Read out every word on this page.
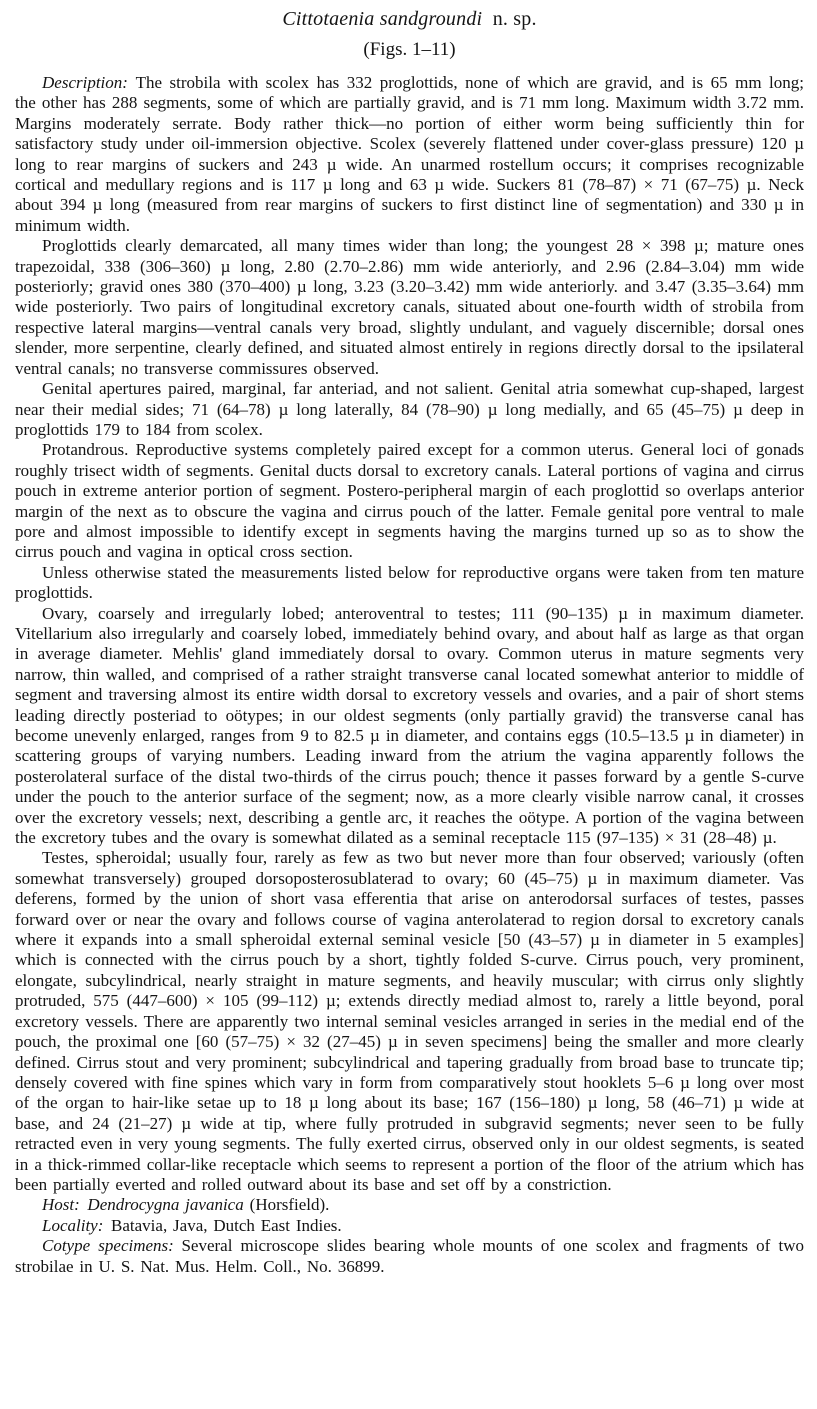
Cittotaenia sandgroundi n. sp.
(Figs. 1–11)

Description: The strobila with scolex has 332 proglottids, none of which are gravid, and is 65 mm long; the other has 288 segments, some of which are partially gravid, and is 71 mm long. Maximum width 3.72 mm. Margins moderately serrate. Body rather thick—no portion of either worm being sufficiently thin for satisfactory study under oil-immersion objective. Scolex (severely flattened under cover-glass pressure) 120 µ long to rear margins of suckers and 243 µ wide. An unarmed rostellum occurs; it comprises recognizable cortical and medullary regions and is 117 µ long and 63 µ wide. Suckers 81 (78–87) × 71 (67–75) µ. Neck about 394 µ long (measured from rear margins of suckers to first distinct line of segmentation) and 330 µ in minimum width.

Proglottids clearly demarcated, all many times wider than long; the youngest 28 × 398 µ; mature ones trapezoidal, 338 (306–360) µ long, 2.80 (2.70–2.86) mm wide anteriorly, and 2.96 (2.84–3.04) mm wide posteriorly; gravid ones 380 (370–400) µ long, 3.23 (3.20–3.42) mm wide anteriorly. and 3.47 (3.35–3.64) mm wide posteriorly. Two pairs of longitudinal excretory canals, situated about one-fourth width of strobila from respective lateral margins—ventral canals very broad, slightly undulant, and vaguely discernible; dorsal ones slender, more serpentine, clearly defined, and situated almost entirely in regions directly dorsal to the ipsilateral ventral canals; no transverse commissures observed.

Genital apertures paired, marginal, far anteriad, and not salient. Genital atria somewhat cup-shaped, largest near their medial sides; 71 (64–78) µ long laterally, 84 (78–90) µ long medially, and 65 (45–75) µ deep in proglottids 179 to 184 from scolex.

Protandrous. Reproductive systems completely paired except for a common uterus. General loci of gonads roughly trisect width of segments. Genital ducts dorsal to excretory canals. Lateral portions of vagina and cirrus pouch in extreme anterior portion of segment. Postero-peripheral margin of each proglottid so overlaps anterior margin of the next as to obscure the vagina and cirrus pouch of the latter. Female genital pore ventral to male pore and almost impossible to identify except in segments having the margins turned up so as to show the cirrus pouch and vagina in optical cross section.

Unless otherwise stated the measurements listed below for reproductive organs were taken from ten mature proglottids.

Ovary, coarsely and irregularly lobed; anteroventral to testes; 111 (90–135) µ in maximum diameter. Vitellarium also irregularly and coarsely lobed, immediately behind ovary, and about half as large as that organ in average diameter. Mehlis' gland immediately dorsal to ovary. Common uterus in mature segments very narrow, thin walled, and comprised of a rather straight transverse canal located somewhat anterior to middle of segment and traversing almost its entire width dorsal to excretory vessels and ovaries, and a pair of short stems leading directly posteriad to oötypes; in our oldest segments (only partially gravid) the transverse canal has become unevenly enlarged, ranges from 9 to 82.5 µ in diameter, and contains eggs (10.5–13.5 µ in diameter) in scattering groups of varying numbers. Leading inward from the atrium the vagina apparently follows the posterolateral surface of the distal two-thirds of the cirrus pouch; thence it passes forward by a gentle S-curve under the pouch to the anterior surface of the segment; now, as a more clearly visible narrow canal, it crosses over the excretory vessels; next, describing a gentle arc, it reaches the oötype. A portion of the vagina between the excretory tubes and the ovary is somewhat dilated as a seminal receptacle 115 (97–135) × 31 (28–48) µ.

Testes, spheroidal; usually four, rarely as few as two but never more than four observed; variously (often somewhat transversely) grouped dorsoposterosublaterad to ovary; 60 (45–75) µ in maximum diameter. Vas deferens, formed by the union of short vasa efferentia that arise on anterodorsal surfaces of testes, passes forward over or near the ovary and follows course of vagina anterolaterad to region dorsal to excretory canals where it expands into a small spheroidal external seminal vesicle [50 (43–57) µ in diameter in 5 examples] which is connected with the cirrus pouch by a short, tightly folded S-curve. Cirrus pouch, very prominent, elongate, subcylindrical, nearly straight in mature segments, and heavily muscular; with cirrus only slightly protruded, 575 (447–600) × 105 (99–112) µ; extends directly mediad almost to, rarely a little beyond, poral excretory vessels. There are apparently two internal seminal vesicles arranged in series in the medial end of the pouch, the proximal one [60 (57–75) × 32 (27–45) µ in seven specimens] being the smaller and more clearly defined. Cirrus stout and very prominent; subcylindrical and tapering gradually from broad base to truncate tip; densely covered with fine spines which vary in form from comparatively stout hooklets 5–6 µ long over most of the organ to hair-like setae up to 18 µ long about its base; 167 (156–180) µ long, 58 (46–71) µ wide at base, and 24 (21–27) µ wide at tip, where fully protruded in subgravid segments; never seen to be fully retracted even in very young segments. The fully exerted cirrus, observed only in our oldest segments, is seated in a thick-rimmed collar-like receptacle which seems to represent a portion of the floor of the atrium which has been partially everted and rolled outward about its base and set off by a constriction.

Host: Dendrocygna javanica (Horsfield).

Locality: Batavia, Java, Dutch East Indies.

Cotype specimens: Several microscope slides bearing whole mounts of one scolex and fragments of two strobilae in U. S. Nat. Mus. Helm. Coll., No. 36899.
